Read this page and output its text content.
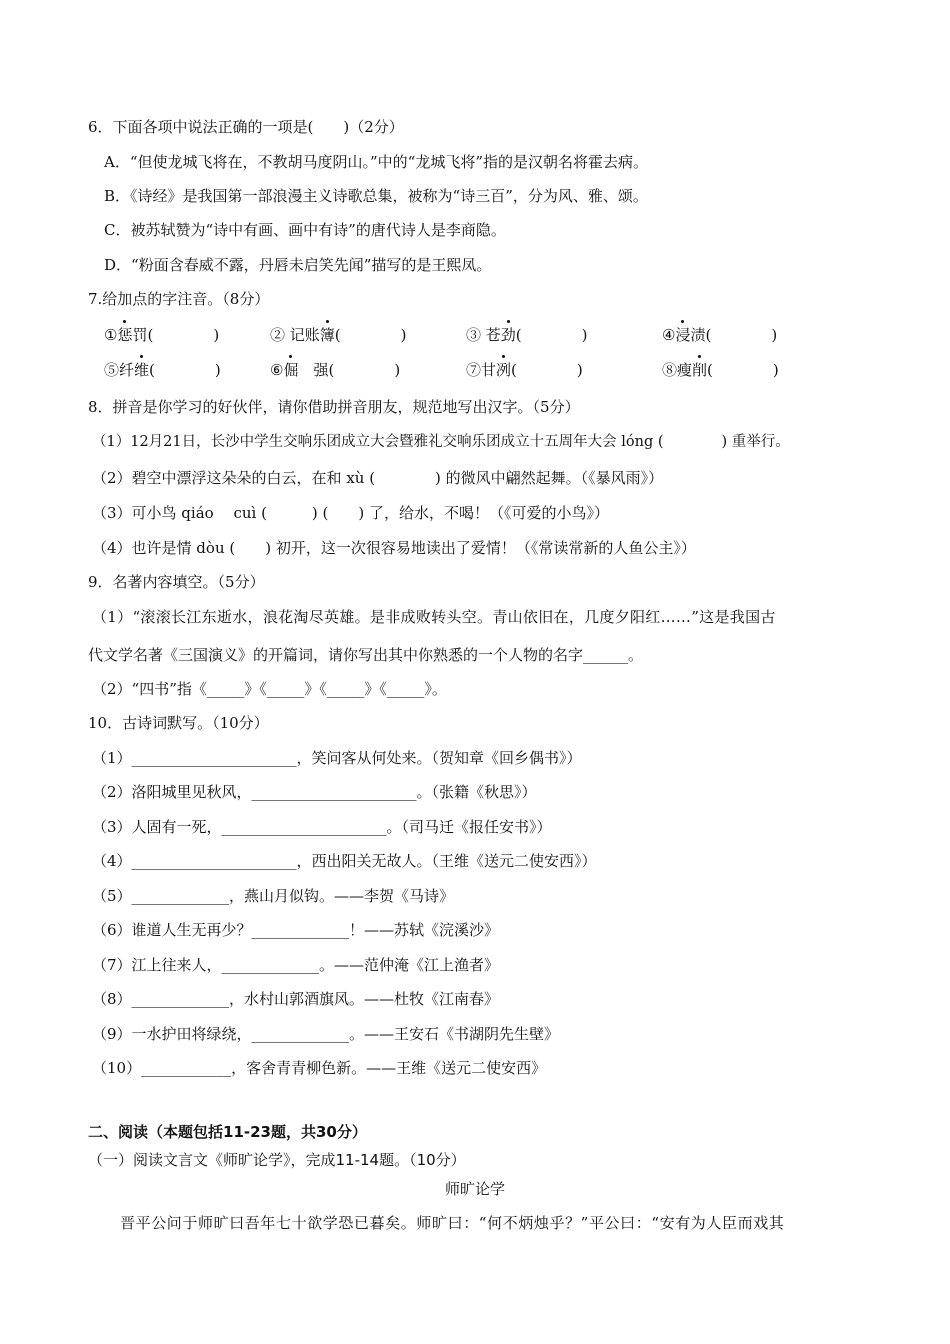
6．下面各项中说法正确的一项是(　　)（2分）
A．“但使龙城飞将在，不教胡马度阴山。”中的“龙城飞将”指的是汉朝名将霍去病。
B．《诗经》是我国第一部浪漫主义诗歌总集，被称为“诗三百”，分为风、雅、颂。
C．被苏轼赞为“诗中有画、画中有诗”的唐代诗人是李商隐。
D．“粉面含春威不露，丹唇未启笑先闻”描写的是王熙凤。
7.给加点的字注音。（8分）
①惩罚(　　　　)	② 记账簿(　　　　)	③ 苍劲(　　　　)	④浸渍(　　　　)
⑤纤维(　　　　)	⑥倔　强(　　　　)	⑦甘冽(　　　　)	⑧瘦削(　　　　)
8．拼音是你学习的好伙伴，请你借助拼音朋友，规范地写出汉字。（5分）
（1）12月21日，长沙中学生交响乐团成立大会暨雅礼交响乐团成立十五周年大会 lóng (　　　　) 重举行。
（2）碧空中漂浮这朵朵的白云，在和 xù (　　　　) 的微风中翩然起舞。（《暴风雨》）
（3）可小鸟 qiáo　 cuì (　　　) (　　) 了，给水，不喝！（《可爱的小鸟》）
（4）也许是情 dòu (　　) 初开，这一次很容易地读出了爱情！（《常读常新的人鱼公主》）
9．名著内容填空。（5分）
（1）“滚滚长江东逝水，浪花淘尽英雄。是非成败转头空。青山依旧在，几度夕阳红……”这是我国古
代文学名著《三国演义》的开篇词，请你写出其中你熟悉的一个人物的名字______。
（2）“四书”指《_____》《_____》《_____》《_____》。
10．古诗词默写。（10分）
（1）______________________，笑问客从何处来。（贺知章《回乡偶书》）
（2）洛阳城里见秋风，______________________。（张籍《秋思》）
（3）人固有一死，______________________。（司马迁《报任安书》）
（4）______________________，西出阳关无故人。（王维《送元二使安西》）
（5）_____________，燕山月似钩。——李贺《马诗》
（6）谁道人生无再少？_____________！——苏轼《浣溪沙》
（7）江上往来人，_____________。——范仲淹《江上渔者》
（8）_____________，水村山郭酒旗风。——杜牧《江南春》
（9）一水护田将绿绕，_____________。——王安石《书湖阴先生壁》
（10）____________，客舍青青柳色新。——王维《送元二使安西》
二、阅读（本题包括11-23题，共30分）
（一）阅读文言文《师旷论学》，完成11-14题。（10分）
师旷论学
晋平公问于师旷曰吾年七十欲学恐已暮矣。师旷曰：“何不炳烛乎？”平公曰：“安有为人臣而戏其
